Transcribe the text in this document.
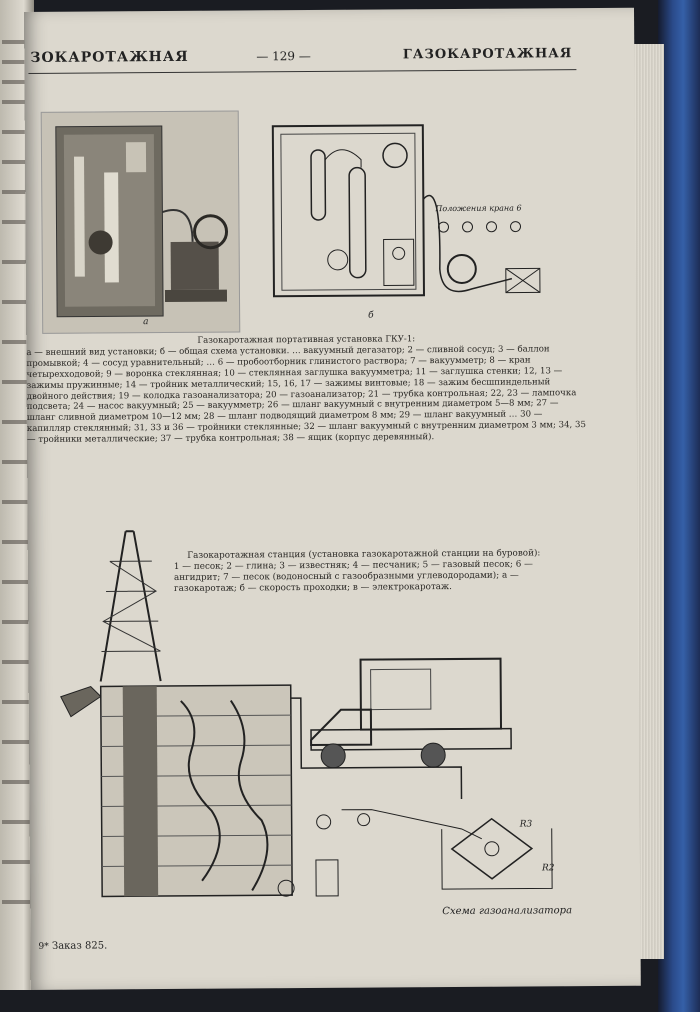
ЗОКАРОТАЖНАЯ	— 129 —	ГАЗОКАРОТАЖНАЯ
а
Положения крана 6
б
Газокаротажная портативная установка ГКУ-1:
а — внешний вид установки; б — общая схема установки. … вакуумный дегазатор; 2 — сливной сосуд; 3 — баллон промывкой; 4 — сосуд уравнительный; … 6 — пробоотборник глинистого раствора; 7 — вакуумметр; 8 — кран четырехходовой; 9 — воронка стеклянная; 10 — стеклянная заглушка вакуумметра; 11 — заглушка стенки; 12, 13 — зажимы пружинные; 14 — тройник металлический; 15, 16, 17 — зажимы винтовые; 18 — зажим бесшпиндельный двойного действия; 19 — колодка газоанализатора; 20 — газоанализатор; 21 — трубка контрольная; 22, 23 — лампочка подсвета; 24 — насос вакуумный; 25 — вакуумметр; 26 — шланг вакуумный с внутренним диаметром 5—8 мм; 27 — шланг сливной диаметром 10—12 мм; 28 — шланг подводящий диаметром 8 мм; 29 — шланг вакуумный … 30 — капилляр стеклянный; 31, 33 и 36 — тройники стеклянные; 32 — шланг вакуумный с внутренним диаметром 3 мм; 34, 35 — тройники металлические; 37 — трубка контрольная; 38 — ящик (корпус деревянный).
R3
R2
Схема газоанализатора
Газокаротажная станция (установка газокаротажной станции на буровой):
1 — песок; 2 — глина; 3 — известняк; 4 — песчаник; 5 — газовый песок; 6 — ангидрит; 7 — песок (водоносный с газообразными углеводородами); а — газокаротаж; б — скорость проходки; в — электрокаротаж.
9* Заказ 825.
